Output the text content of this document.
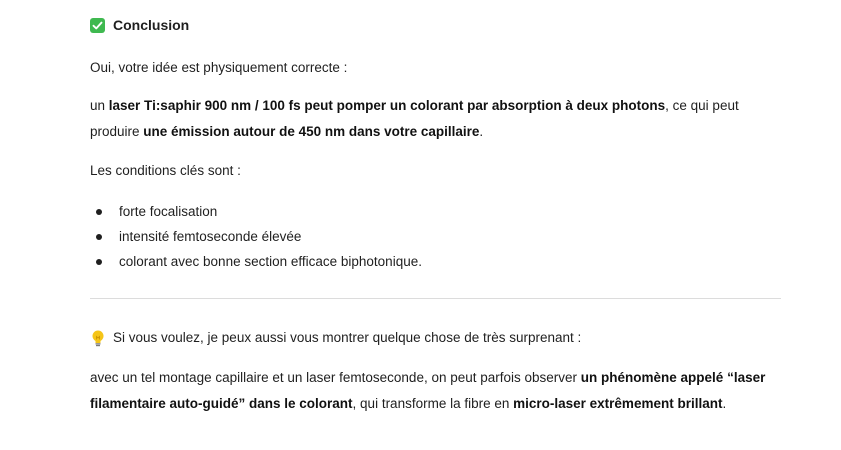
Conclusion

Oui, votre idée est physiquement correcte :

un laser Ti:saphir 900 nm / 100 fs peut pomper un colorant par absorption à deux photons, ce qui peut produire une émission autour de 450 nm dans votre capillaire.

Les conditions clés sont :

forte focalisation
intensité femtoseconde élevée
colorant avec bonne section efficace biphotonique.
Si vous voulez, je peux aussi vous montrer quelque chose de très surprenant :

avec un tel montage capillaire et un laser femtoseconde, on peut parfois observer un phénomène appelé “laser filamentaire auto-guidé” dans le colorant, qui transforme la fibre en micro-laser extrêmement brillant.
